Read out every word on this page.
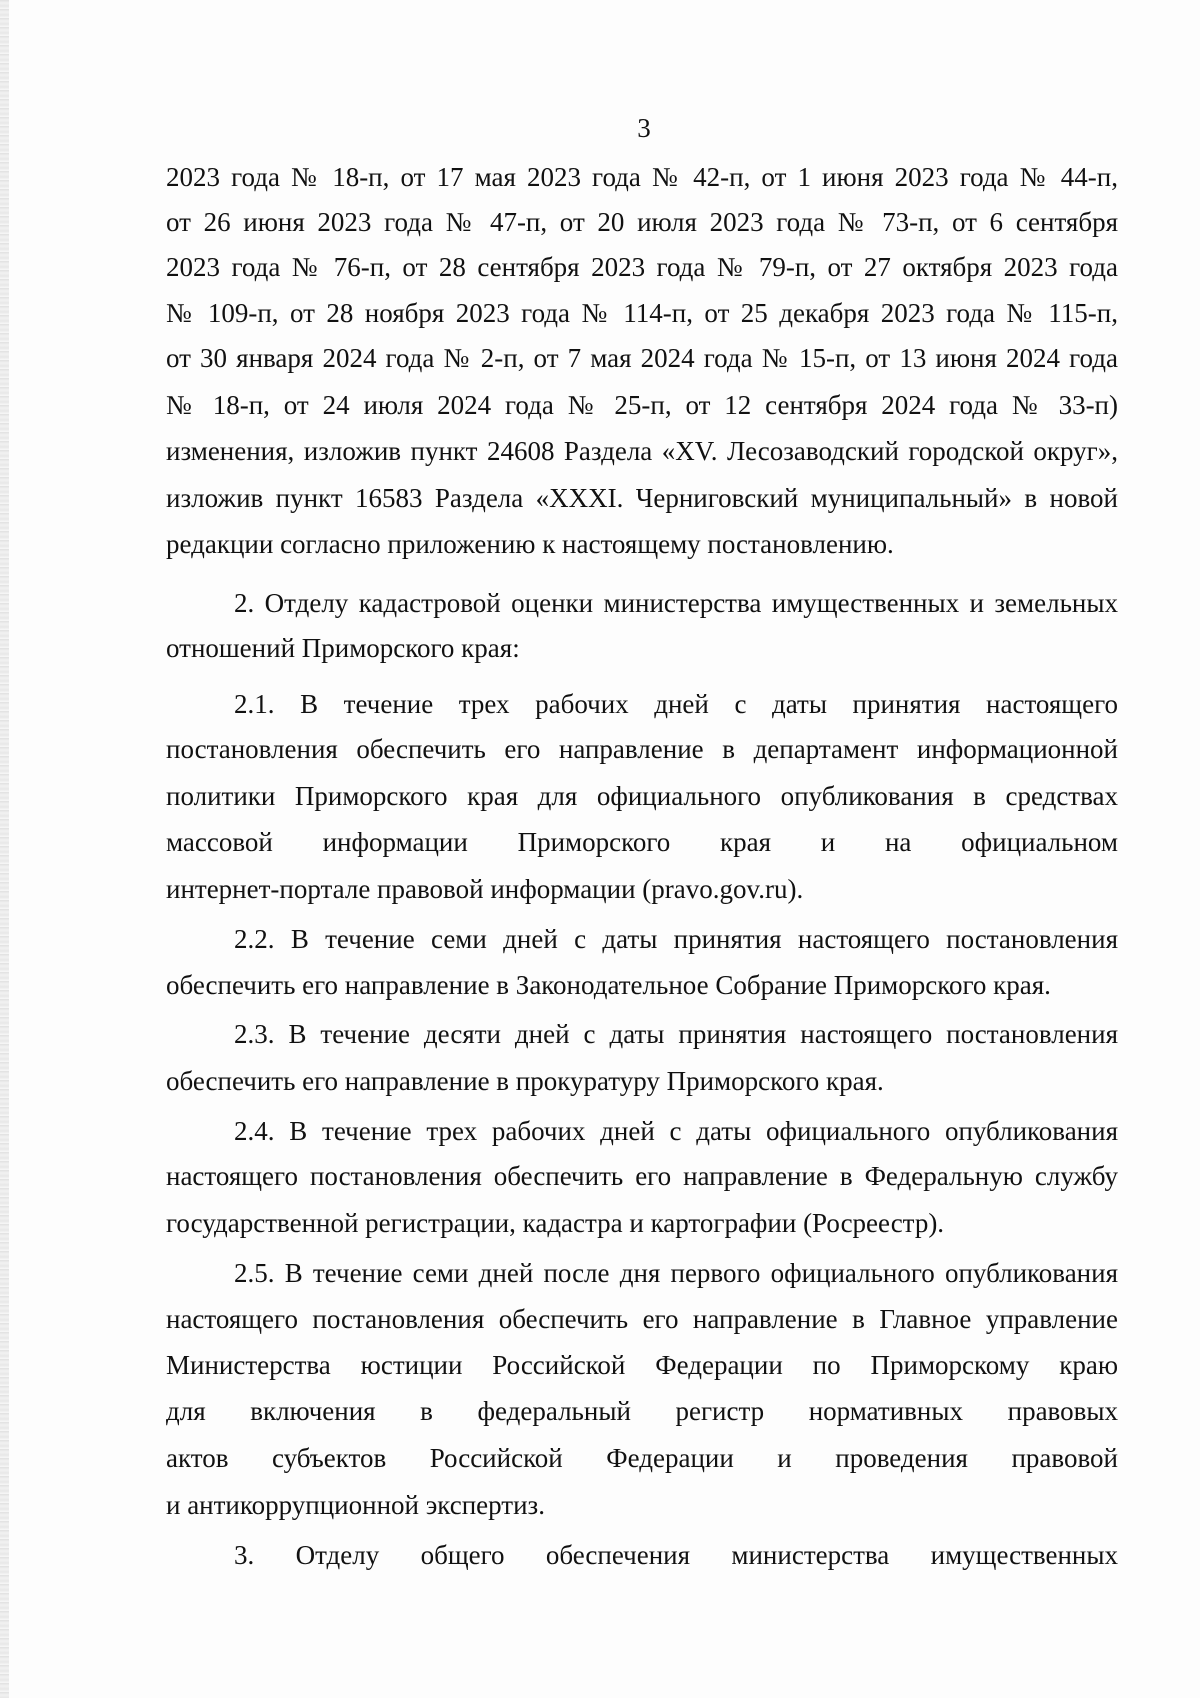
3
2023 года № 18-п, от 17 мая 2023 года № 42-п, от 1 июня 2023 года № 44-п,
от 26 июня 2023 года № 47-п, от 20 июля 2023 года № 73-п, от 6 сентября
2023 года № 76-п, от 28 сентября 2023 года № 79-п, от 27 октября 2023 года
№ 109-п, от 28 ноября 2023 года № 114-п, от 25 декабря 2023 года № 115-п,
от 30 января 2024 года № 2-п, от 7 мая 2024 года № 15-п, от 13 июня 2024 года
№ 18-п, от 24 июля 2024 года № 25-п, от 12 сентября 2024 года № 33-п)
изменения, изложив пункт 24608 Раздела «XV. Лесозаводский городской округ»,
изложив пункт 16583 Раздела «XXXI. Черниговский муниципальный» в новой
редакции согласно приложению к настоящему постановлению.
2. Отделу кадастровой оценки министерства имущественных и земельных
отношений Приморского края:
2.1. В течение трех рабочих дней с даты принятия настоящего
постановления обеспечить его направление в департамент информационной
политики Приморского края для официального опубликования в средствах
массовой информации Приморского края и на официальном
интернет-портале правовой информации (pravo.gov.ru).
2.2. В течение семи дней с даты принятия настоящего постановления
обеспечить его направление в Законодательное Собрание Приморского края.
2.3. В течение десяти дней с даты принятия настоящего постановления
обеспечить его направление в прокуратуру Приморского края.
2.4. В течение трех рабочих дней с даты официального опубликования
настоящего постановления обеспечить его направление в Федеральную службу
государственной регистрации, кадастра и картографии (Росреестр).
2.5. В течение семи дней после дня первого официального опубликования
настоящего постановления обеспечить его направление в Главное управление
Министерства юстиции Российской Федерации по Приморскому краю
для включения в федеральный регистр нормативных правовых
актов субъектов Российской Федерации и проведения правовой
и антикоррупционной экспертиз.
3. Отделу общего обеспечения министерства имущественных
